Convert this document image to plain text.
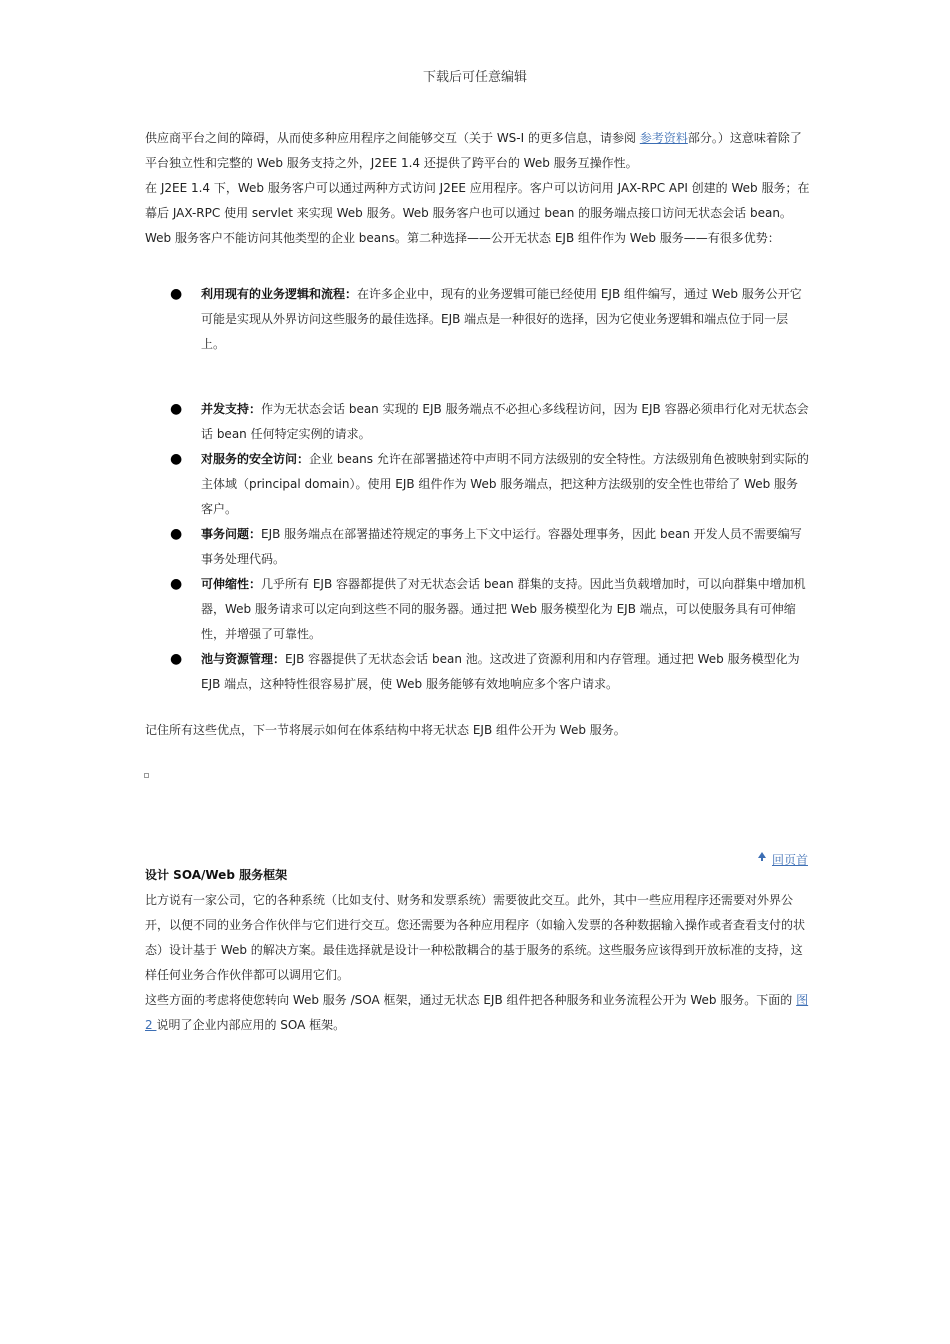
下载后可任意编辑

供应商平台之间的障碍，从而使多种应用程序之间能够交互（关于 WS-I 的更多信息，请参阅 参考资料部分。）这意味着除了平台独立性和完整的 Web 服务支持之外，J2EE 1.4 还提供了跨平台的 Web 服务互操作性。

在 J2EE 1.4 下，Web 服务客户可以通过两种方式访问 J2EE 应用程序。客户可以访问用 JAX-RPC API 创建的 Web 服务；在幕后 JAX-RPC 使用 servlet 来实现 Web 服务。Web 服务客户也可以通过 bean 的服务端点接口访问无状态会话 bean。Web 服务客户不能访问其他类型的企业 beans。第二种选择——公开无状态 EJB 组件作为 Web 服务——有很多优势：

● 利用现有的业务逻辑和流程：在许多企业中，现有的业务逻辑可能已经使用 EJB 组件编写，通过 Web 服务公开它可能是实现从外界访问这些服务的最佳选择。EJB 端点是一种很好的选择，因为它使业务逻辑和端点位于同一层上。
● 并发支持：作为无状态会话 bean 实现的 EJB 服务端点不必担心多线程访问，因为 EJB 容器必须串行化对无状态会话 bean 任何特定实例的请求。
● 对服务的安全访问：企业 beans 允许在部署描述符中声明不同方法级别的安全特性。方法级别角色被映射到实际的主体域（principal domain）。使用 EJB 组件作为 Web 服务端点，把这种方法级别的安全性也带给了 Web 服务客户。
● 事务问题：EJB 服务端点在部署描述符规定的事务上下文中运行。容器处理事务，因此 bean 开发人员不需要编写事务处理代码。
● 可伸缩性：几乎所有 EJB 容器都提供了对无状态会话 bean 群集的支持。因此当负载增加时，可以向群集中增加机器，Web 服务请求可以定向到这些不同的服务器。通过把 Web 服务模型化为 EJB 端点，可以使服务具有可伸缩性，并增强了可靠性。
● 池与资源管理：EJB 容器提供了无状态会话 bean 池。这改进了资源利用和内存管理。通过把 Web 服务模型化为 EJB 端点，这种特性很容易扩展，使 Web 服务能够有效地响应多个客户请求。

记住所有这些优点，下一节将展示如何在体系结构中将无状态 EJB 组件公开为 Web 服务。

回页首
设计 SOA/Web 服务框架

比方说有一家公司，它的各种系统（比如支付、财务和发票系统）需要彼此交互。此外，其中一些应用程序还需要对外界公开，以便不同的业务合作伙伴与它们进行交互。您还需要为各种应用程序（如输入发票的各种数据输入操作或者查看支付的状态）设计基于 Web 的解决方案。最佳选择就是设计一种松散耦合的基于服务的系统。这些服务应该得到开放标准的支持，这样任何业务合作伙伴都可以调用它们。

这些方面的考虑将使您转向 Web 服务 /SOA 框架，通过无状态 EJB 组件把各种服务和业务流程公开为 Web 服务。下面的 图 2 说明了企业内部应用的 SOA 框架。
